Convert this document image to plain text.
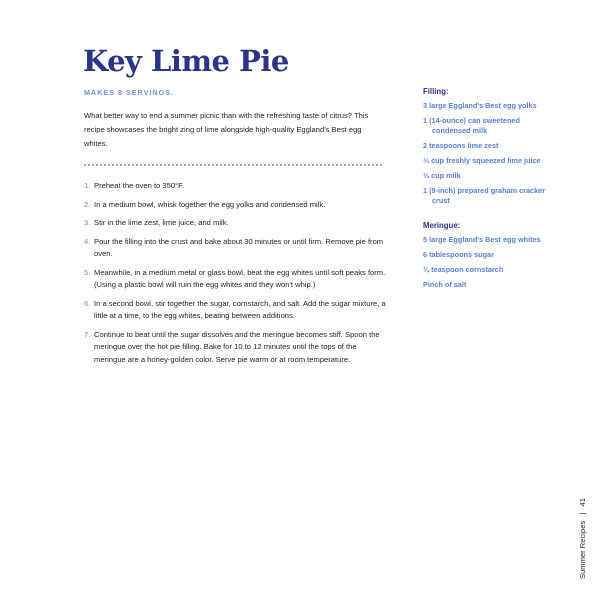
Key Lime Pie
MAKES 8 SERVINGS.

What better way to end a summer picnic than with the refreshing taste of citrus? This recipe showcases the bright zing of lime alongside high-quality Eggland's Best egg whites.

1. Preheat the oven to 350°F.
2. In a medium bowl, whisk together the egg yolks and condensed milk.
3. Stir in the lime zest, lime juice, and milk.
4. Pour the filling into the crust and bake about 30 minutes or until firm. Remove pie from oven.
5. Meanwhile, in a medium metal or glass bowl, beat the egg whites until soft peaks form. (Using a plastic bowl will ruin the egg whites and they won't whip.)
6. In a second bowl, stir together the sugar, cornstarch, and salt. Add the sugar mixture, a little at a time, to the egg whites, beating between additions.
7. Continue to beat until the sugar dissolves and the meringue becomes stiff. Spoon the meringue over the hot pie filling. Bake for 10 to 12 minutes until the tops of the meringue are a honey-golden color. Serve pie warm or at room temperature.
Filling:
3 large Eggland's Best egg yolks
1 (14-ounce) can sweetened condensed milk
2 teaspoons lime zest
⅓ cup freshly squeezed lime juice
⅓ cup milk
1 (9-inch) prepared graham cracker crust
Meringue:
5 large Eggland's Best egg whites
6 tablespoons sugar
¼ teaspoon cornstarch
Pinch of salt
Summer Recipes | 41
